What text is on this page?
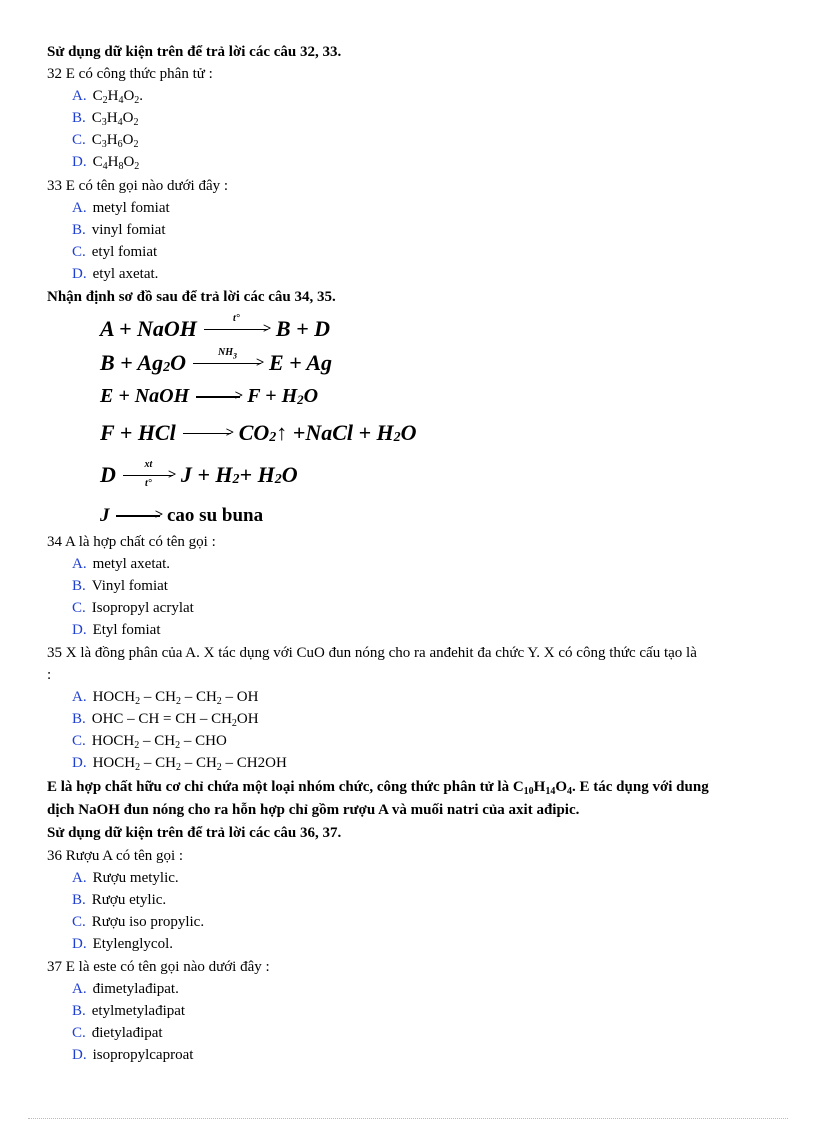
Sử dụng dữ kiện trên để trả lời các câu 32, 33.
32 E có công thức phân tử :
A. $C_2H_4O_2$.
B. $C_3H_4O_2$
C. $C_3H_6O_2$
D. $C_4H_8O_2$
33 E có tên gọi nào dưới đây :
A. metyl fomiat
B. vinyl fomiat
C. etyl fomiat
D. etyl axetat.
Nhận định sơ đồ sau để trả lời các câu 34, 35.
A + NaOH	t°
> B + D
$B + Ag_2O$	$NH_3$	> E + Ag
E + NaOH	> $F + H_2O$
F + HCl	> $CO_2↑$ +NaCl + $H_2O$
D	xt
>
t°	$J + H_2+ H_2O$
J	> cao su buna
34 A là hợp chất có tên gọi :
A. metyl axetat.
B. Vinyl fomiat
C. Isopropyl acrylat
D. Etyl fomiat
35 X là đồng phân của A. X tác dụng với CuO đun nóng cho ra anđehit đa chức Y. X có công thức cấu tạo là
:
A. $HOCH_2 - CH_2 - CH_2$ – OH
B. OHC – CH = CH – $CH_2OH$
C. $HOCH_2 - CH_2$ – CHO
D. $HOCH_2 - CH_2 - CH_2 - CH2OH$
E là hợp chất hữu cơ chỉ chứa một loại nhóm chức, công thức phân tử là $C_{10}H_{14}O_4$. E tác dụng với dung
dịch NaOH đun nóng cho ra hỗn hợp chỉ gồm rượu A và muối natri của axit ađipic.
Sử dụng dữ kiện trên để trả lời các câu 36, 37.
36 Rượu A có tên gọi :
A. Rượu metylic.
B. Rượu etylic.
C. Rượu iso propylic.
D. Etylenglycol.
37 E là este có tên gọi nào dưới đây :
A. đimetylađipat.
B. etylmetylađipat
C. đietylađipat
D. isopropylcaproat
